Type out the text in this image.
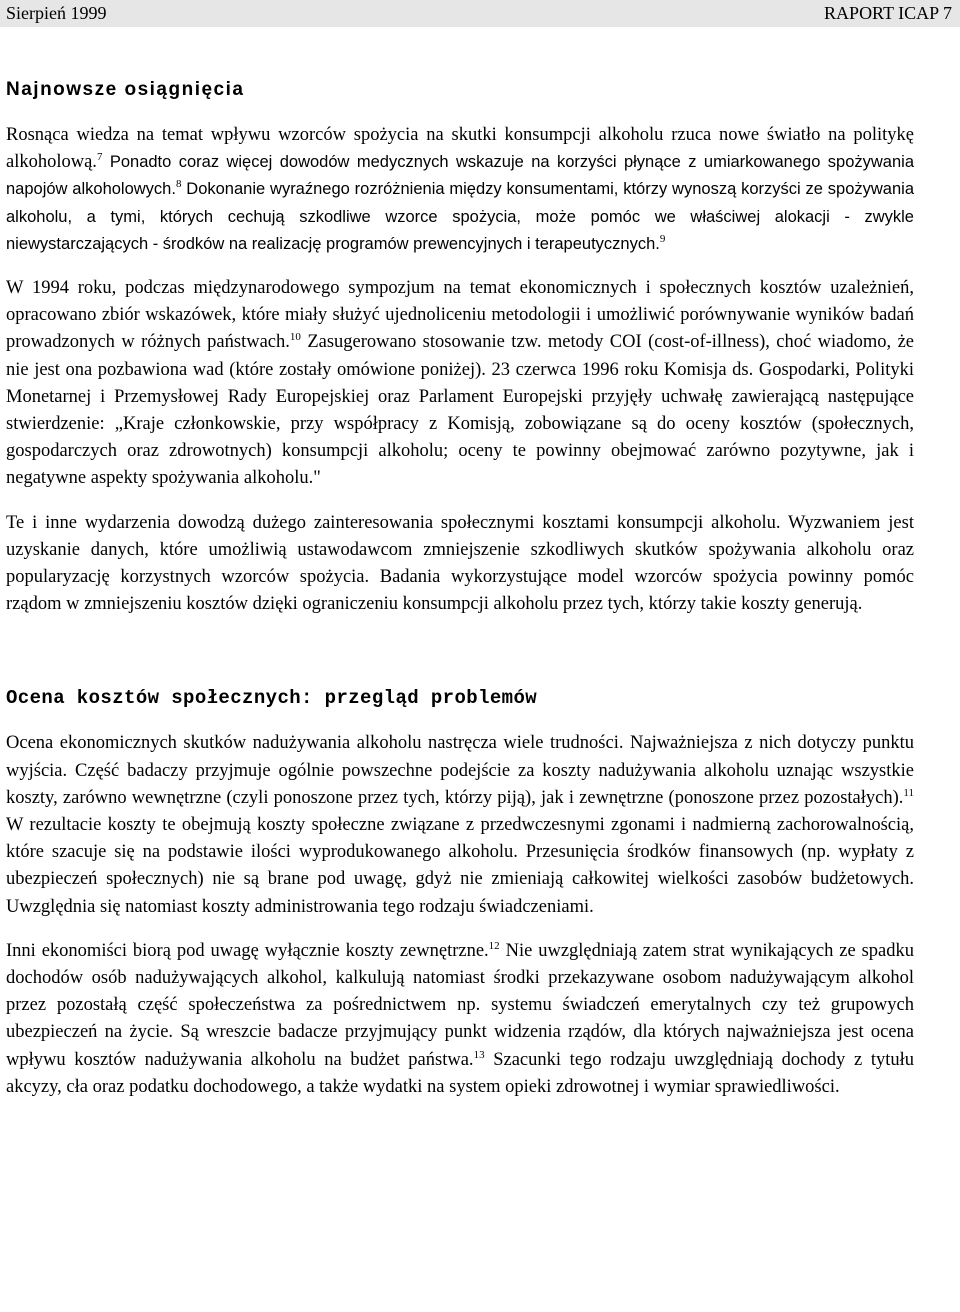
Sierpień 1999	RAPORT ICAP 7
Najnowsze osiągnięcia

Rosnąca wiedza na temat wpływu wzorców spożycia na skutki konsumpcji alkoholu rzuca nowe światło na politykę alkoholową.$^7$ Ponadto coraz więcej dowodów medycznych wskazuje na korzyści płynące z umiarkowanego spożywania napojów alkoholowych.$^8$ Dokonanie wyraźnego rozróżnienia między konsumentami, którzy wynoszą korzyści ze spożywania alkoholu, a tymi, których cechują szkodliwe wzorce spożycia, może pomóc we właściwej alokacji - zwykle niewystarczających - środków na realizację programów prewencyjnych i terapeutycznych.$^9$

W 1994 roku, podczas międzynarodowego sympozjum na temat ekonomicznych i społecznych kosztów uzależnień, opracowano zbiór wskazówek, które miały służyć ujednoliceniu metodologii i umożliwić porównywanie wyników badań prowadzonych w różnych państwach.$^{10}$ Zasugerowano stosowanie tzw. metody COI (cost-of-illness), choć wiadomo, że nie jest ona pozbawiona wad (które zostały omówione poniżej). 23 czerwca 1996 roku Komisja ds. Gospodarki, Polityki Monetarnej i Przemysłowej Rady Europejskiej oraz Parlament Europejski przyjęły uchwałę zawierającą następujące stwierdzenie: „Kraje członkowskie, przy współpracy z Komisją, zobowiązane są do oceny kosztów (społecznych, gospodarczych oraz zdrowotnych) konsumpcji alkoholu; oceny te powinny obejmować zarówno pozytywne, jak i negatywne aspekty spożywania alkoholu."

Te i inne wydarzenia dowodzą dużego zainteresowania społecznymi kosztami konsumpcji alkoholu. Wyzwaniem jest uzyskanie danych, które umożliwią ustawodawcom zmniejszenie szkodliwych skutków spożywania alkoholu oraz popularyzację korzystnych wzorców spożycia. Badania wykorzystujące model wzorców spożycia powinny pomóc rządom w zmniejszeniu kosztów dzięki ograniczeniu konsumpcji alkoholu przez tych, którzy takie koszty generują.

Ocena kosztów społecznych: przegląd problemów

Ocena ekonomicznych skutków nadużywania alkoholu nastręcza wiele trudności. Najważniejsza z nich dotyczy punktu wyjścia. Część badaczy przyjmuje ogólnie powszechne podejście za koszty nadużywania alkoholu uznając wszystkie koszty, zarówno wewnętrzne (czyli ponoszone przez tych, którzy piją), jak i zewnętrzne (ponoszone przez pozostałych).$^{11}$ W rezultacie koszty te obejmują koszty społeczne związane z przedwczesnymi zgonami i nadmierną zachorowalnością, które szacuje się na podstawie ilości wyprodukowanego alkoholu. Przesunięcia środków finansowych (np. wypłaty z ubezpieczeń społecznych) nie są brane pod uwagę, gdyż nie zmieniają całkowitej wielkości zasobów budżetowych. Uwzględnia się natomiast koszty administrowania tego rodzaju świadczeniami.

Inni ekonomiści biorą pod uwagę wyłącznie koszty zewnętrzne.$^{12}$ Nie uwzględniają zatem strat wynikających ze spadku dochodów osób nadużywających alkohol, kalkulują natomiast środki przekazywane osobom nadużywającym alkohol przez pozostałą część społeczeństwa za pośrednictwem np. systemu świadczeń emerytalnych czy też grupowych ubezpieczeń na życie. Są wreszcie badacze przyjmujący punkt widzenia rządów, dla których najważniejsza jest ocena wpływu kosztów nadużywania alkoholu na budżet państwa.$^{13}$ Szacunki tego rodzaju uwzględniają dochody z tytułu akcyzy, cła oraz podatku dochodowego, a także wydatki na system opieki zdrowotnej i wymiar sprawiedliwości.
